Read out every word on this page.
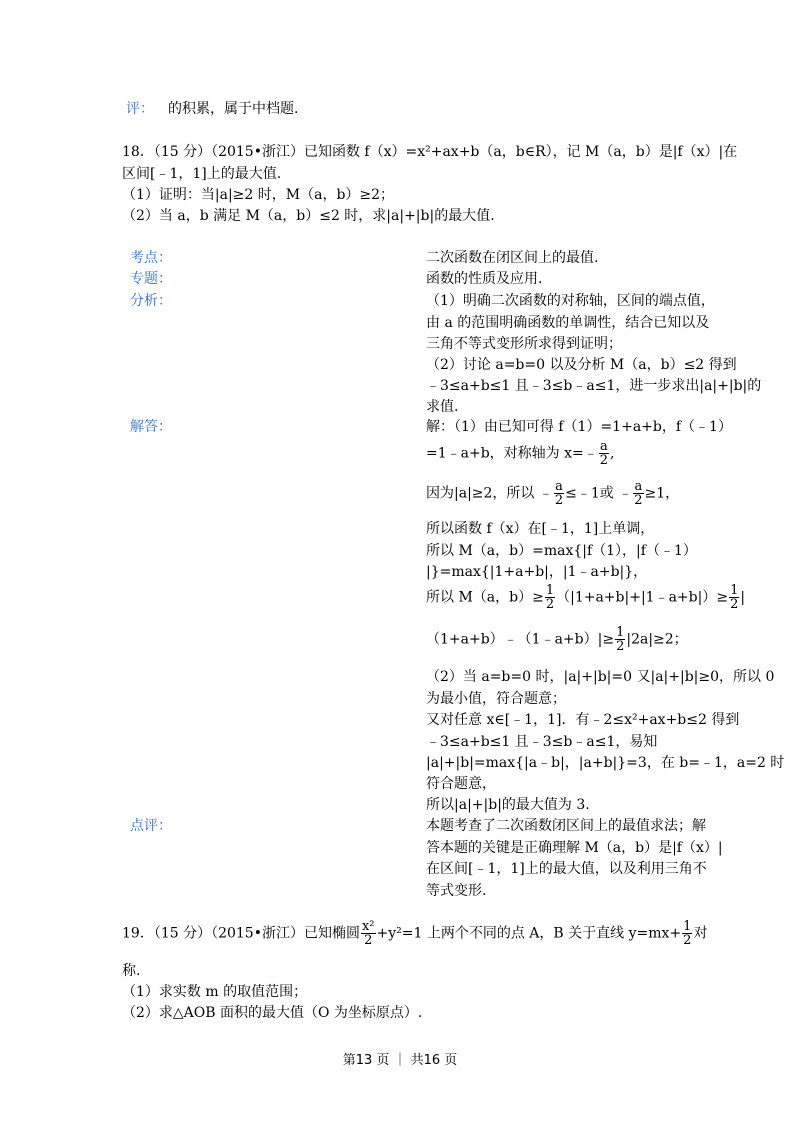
评： 的积累，属于中档题.
18．（15 分）（2015•浙江）已知函数 f（x）=x²+ax+b（a，b∈R），记 M（a，b）是|f（x）|在
区间[﹣1，1]上的最大值.
（1）证明：当|a|≥2 时，M（a，b）≥2；
（2）当 a，b 满足 M（a，b）≤2 时，求|a|+|b|的最大值.
考点：
专题：
分析：
解答：
点评：
二次函数在闭区间上的最值.
函数的性质及应用.
（1）明确二次函数的对称轴，区间的端点值，
由 a 的范围明确函数的单调性，结合已知以及
三角不等式变形所求得到证明；
（2）讨论 a=b=0 以及分析 M（a，b）≤2 得到
﹣3≤a+b≤1 且﹣3≤b﹣a≤1，进一步求出|a|+|b|的
求值.
解：（1）由已知可得 f（1）=1+a+b，f（﹣1）
=1﹣a+b，对称轴为 x=﹣ $\frac{a}{2}$ ,
因为|a|≥2，所以 ﹣ $\frac{a}{2}$ ≤﹣1或 ﹣ $\frac{a}{2} \ge 1$，
所以函数 f（x）在[﹣1，1]上单调，
所以 M（a，b）=max{|f（1），|f（﹣1）
|}=max{|1+a+b|，|1﹣a+b|}，
所以 M（a，$b)\ge \frac{1}{2}$ （|1+a+b|+|1﹣a+b|）≥ $\frac{1}{2}$ |
（1+a+b）﹣（1﹣a+b）|≥ $\frac{1}{2} |2a|\ge 2$；
（2）当 a=b=0 时，|a|+|b|=0 又|a|+|b|≥0，所以 0
为最小值，符合题意；
又对任意 x∈[﹣1，1]．有﹣2≤x²+ax+b≤2 得到
﹣3≤a+b≤1 且﹣3≤b﹣a≤1，易知
|a|+|b|=max{|a﹣b|，|a+b|}=3，在 b=﹣1，a=2 时
符合题意，
所以|a|+|b|的最大值为 3.
本题考查了二次函数闭区间上的最值求法；解
答本题的关键是正确理解 M（a，b）是|f（x）|
在区间[﹣1，1]上的最大值，以及利用三角不
等式变形.
19．（15 分）（2015•浙江）已知椭圆 $\frac{\text{x²}}{2} +y^2=1$ 上两个不同的点 A，B 关于直线 $y=mx+ \frac{1}{2}$ 对
称.
（1）求实数 m 的取值范围；
（2）求△AOB 面积的最大值（O 为坐标原点）.
第13 页 ｜ 共16 页
